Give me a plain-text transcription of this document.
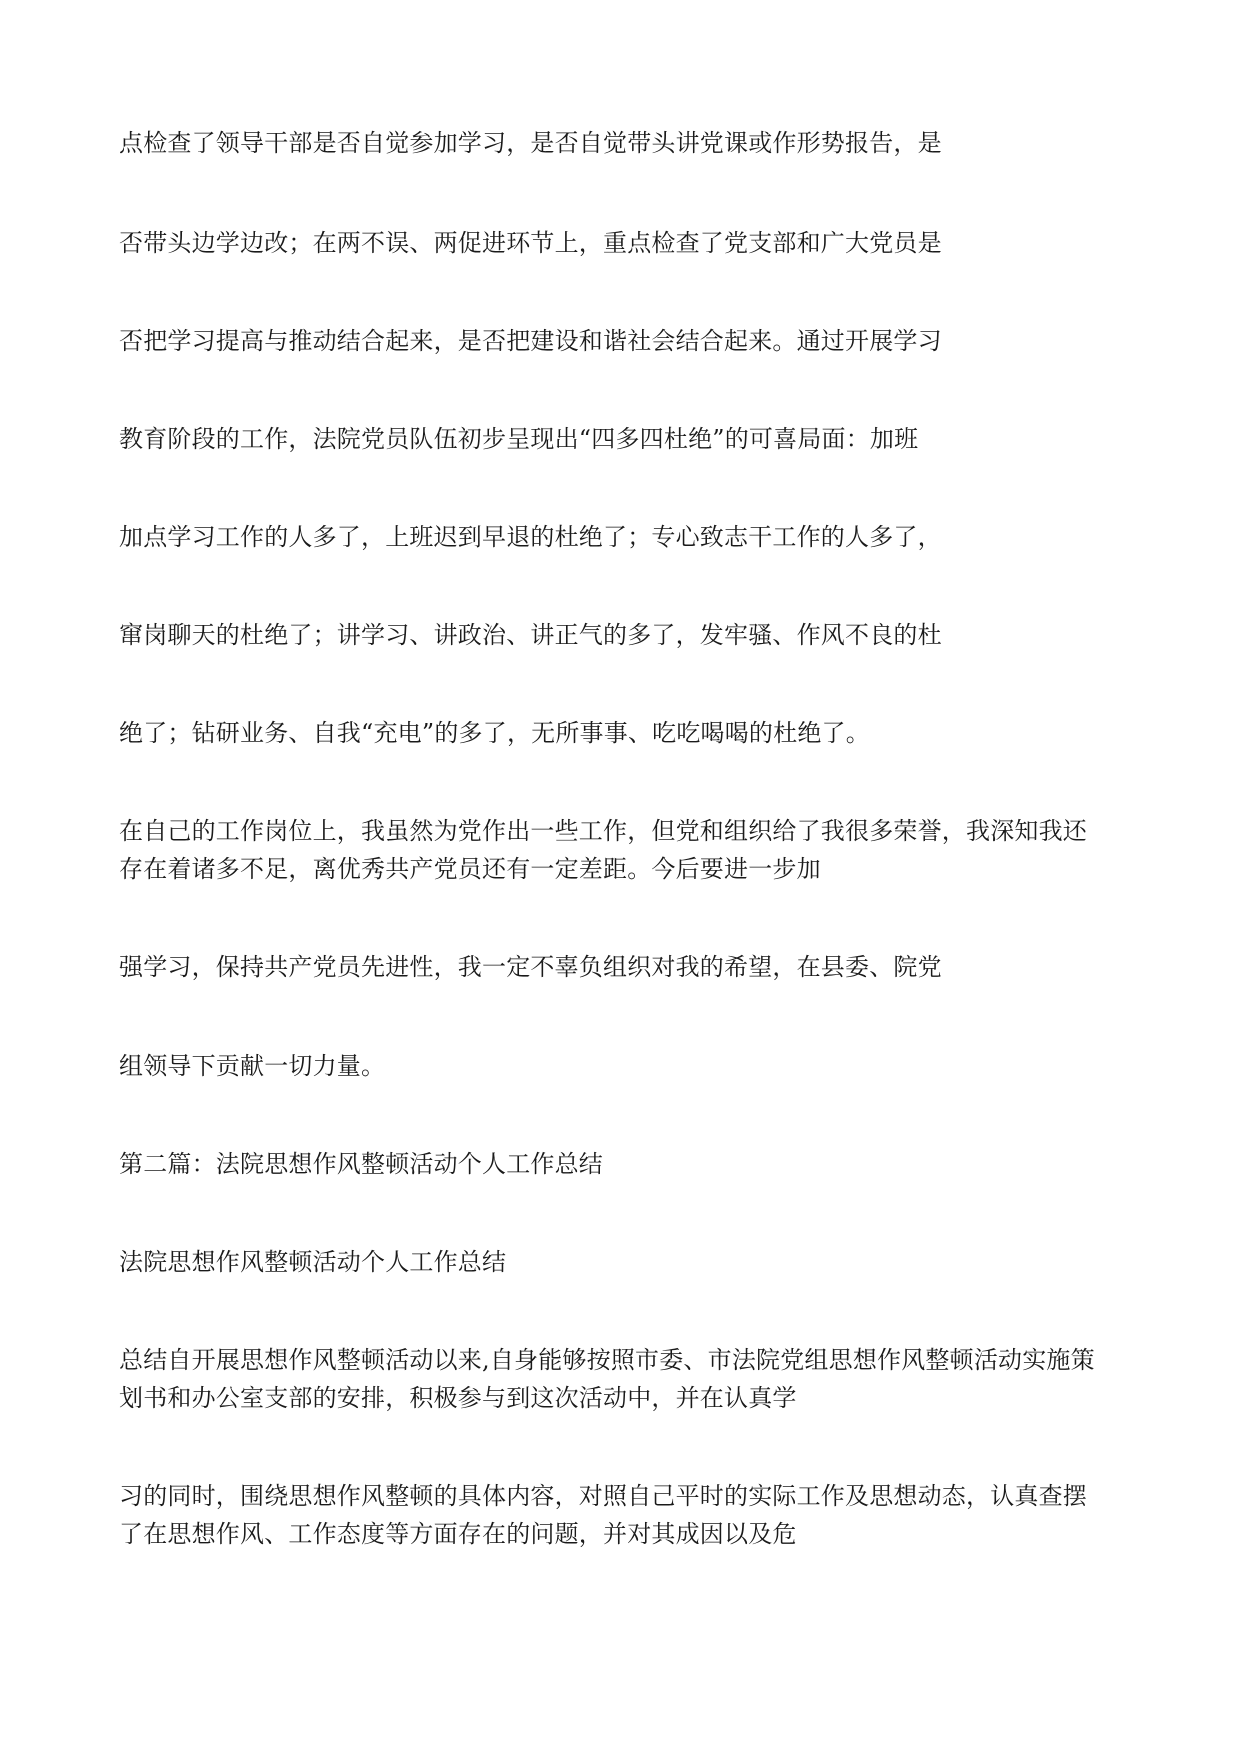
点检查了领导干部是否自觉参加学习，是否自觉带头讲党课或作形势报告，是

否带头边学边改；在两不误、两促进环节上，重点检查了党支部和广大党员是

否把学习提高与推动结合起来，是否把建设和谐社会结合起来。通过开展学习

教育阶段的工作，法院党员队伍初步呈现出“四多四杜绝”的可喜局面：加班

加点学习工作的人多了，上班迟到早退的杜绝了；专心致志干工作的人多了，

窜岗聊天的杜绝了；讲学习、讲政治、讲正气的多了，发牢骚、作风不良的杜

绝了；钻研业务、自我“充电”的多了，无所事事、吃吃喝喝的杜绝了。

在自己的工作岗位上，我虽然为党作出一些工作，但党和组织给了我很多荣誉，我深知我还

存在着诸多不足，离优秀共产党员还有一定差距。今后要进一步加

强学习，保持共产党员先进性，我一定不辜负组织对我的希望，在县委、院党

组领导下贡献一切力量。

第二篇：法院思想作风整顿活动个人工作总结

法院思想作风整顿活动个人工作总结

总结自开展思想作风整顿活动以来,自身能够按照市委、市法院党组思想作风整顿活动实施策

划书和办公室支部的安排，积极参与到这次活动中，并在认真学

习的同时，围绕思想作风整顿的具体内容，对照自己平时的实际工作及思想动态，认真查摆

了在思想作风、工作态度等方面存在的问题，并对其成因以及危
